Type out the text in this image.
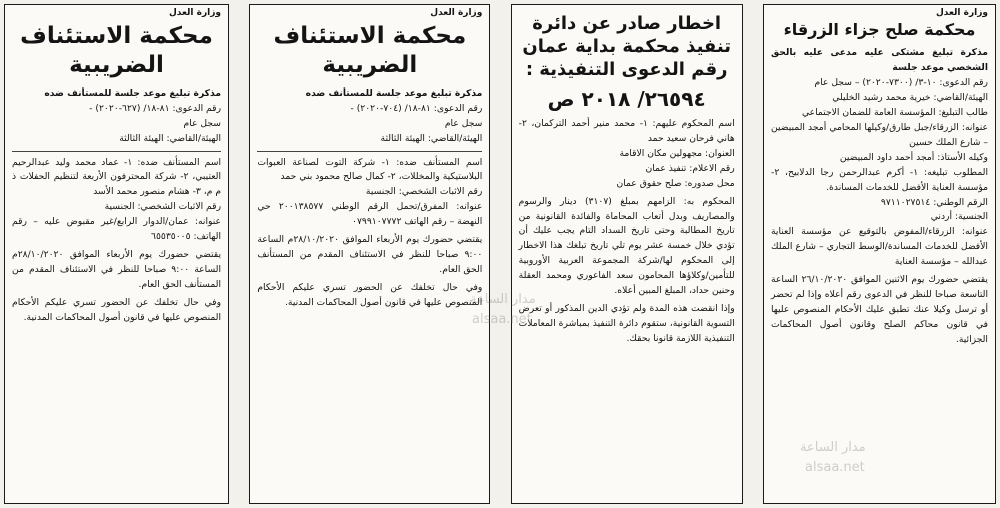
وزارة العدل
محكمة الاستئناف الضريبية
مذكرة تبليغ موعد جلسة للمستأنف ضده
رقم الدعوى: ٨١-١٨/ (٦٢٧-٢٠٢٠) -
سجل عام
الهيئة/القاضي: الهيئة الثالثة
اسم المستأنف ضده: ١- عماد محمد وليد عبدالرحيم العتيبي، ٢- شركة المحترفون الأربعة لتنظيم الحفلات ذ م م، ٣- هشام منصور محمد الأسد
رقم الاثبات الشخصي: الجنسية
عنوانه: عمان/الدوار الرابع/غير مقبوض عليه – رقم الهاتف: ٦٥٥٣٥٠٠٥
يقتضي حضورك يوم الأربعاء الموافق ٢٨/١٠/٢٠٢٠م الساعة ٩:٠٠ صباحا للنظر في الاستئناف المقدم من المستأنف الحق العام.
وفي حال تخلفك عن الحضور تسري عليكم الأحكام المنصوص عليها في قانون أصول المحاكمات المدنية.
وزارة العدل
محكمة الاستئناف الضريبية
مذكرة تبليغ موعد جلسة للمستأنف ضده
رقم الدعوى: ٨١-١٨/ (٧٠٤-٢٠٢٠) -
سجل عام
الهيئة/القاضي: الهيئة الثالثة
اسم المستأنف ضده: ١- شركة التوت لصناعة العبوات البلاستيكية والمخللات، ٢- كمال صالح محمود بني حمد
رقم الاثبات الشخصي: الجنسية
عنوانه: المفرق/تحمل الرقم الوطني ٢٠٠١٣٨٥٧٧ حي النهضة – رقم الهاتف ٠٧٩٩١٠٧٧٧٢
يقتضي حضورك يوم الأربعاء الموافق ٢٨/١٠/٢٠٢٠م الساعة ٩:٠٠ صباحا للنظر في الاستئناف المقدم من المستأنف الحق العام.
وفي حال تخلفك عن الحضور تسري عليكم الأحكام المنصوص عليها في قانون أصول المحاكمات المدنية.
اخطار صادر عن دائرة
تنفيذ محكمة بداية عمان
رقم الدعوى التنفيذية :
٢٦٥٩٤/ ٢٠١٨ ص
اسم المحكوم عليهم: ١- محمد منير أحمد التركمان، ٢- هاني فرحان سعيد حمد
العنوان: مجهولين مكان الاقامة
رقم الاعلام: تنفيذ عمان
محل صدوره: صلح حقوق عمان
المحكوم به: الزامهم بمبلغ (٣١٠٧) دينار والرسوم والمصاريف وبدل أتعاب المحاماة والفائدة القانونية من تاريخ المطالبة وحتى تاريخ السداد التام يجب عليك أن تؤدي خلال خمسة عشر يوم تلي تاريخ تبلغك هذا الاخطار إلى المحكوم لها/شركة المجموعة العربية الأوروبية للتأمين/وكلاؤها المحامون سعد الفاعوري ومحمد العقلة وحنين حداد، المبلغ المبين أعلاه.
وإذا انقضت هذه المدة ولم تؤدي الدين المذكور أو تعرض التسوية القانونية، ستقوم دائرة التنفيذ بمباشرة المعاملات التنفيذية اللازمة قانونا بحقك.
وزارة العدل
محكمة صلح جزاء الزرقاء
مذكرة تبليغ مشتكى عليه مدعى عليه بالحق الشخصي موعد جلسة
رقم الدعوى: ١٠-٣/ (٧٣٠٠-٢٠٢٠) – سجل عام
الهيئة/القاضي: خيرية محمد رشيد الخليلي
طالب التبليغ: المؤسسة العامة للضمان الاجتماعي
عنوانه: الزرقاء/جبل طارق/وكيلها المحامي أمجد المبيضين – شارع الملك حسين
وكيله الأستاذ: أمجد أحمد داود المبيضين
المطلوب تبليغه: ١- أكرم عبدالرحمن رجا الدلابيح، ٢- مؤسسة العناية الأفضل للخدمات المساندة.
الرقم الوطني: ٩٧١١٠٢٧٥١٤
الجنسية: أردني
عنوانه: الزرقاء/المفوض بالتوقيع عن مؤسسة العناية الأفضل للخدمات المساندة/الوسط التجاري – شارع الملك عبدالله – مؤسسة العناية
يقتضي حضورك يوم الاثنين الموافق ٢٦/١٠/٢٠٢٠ الساعة التاسعة صباحا للنظر في الدعوى رقم أعلاه وإذا لم تحضر أو ترسل وكيلا عنك تطبق عليك الأحكام المنصوص عليها في قانون محاكم الصلح وقانون أصول المحاكمات الجزائية.
مدار الساعة
alsaa.net
مدار الساعة
alsaa.net
